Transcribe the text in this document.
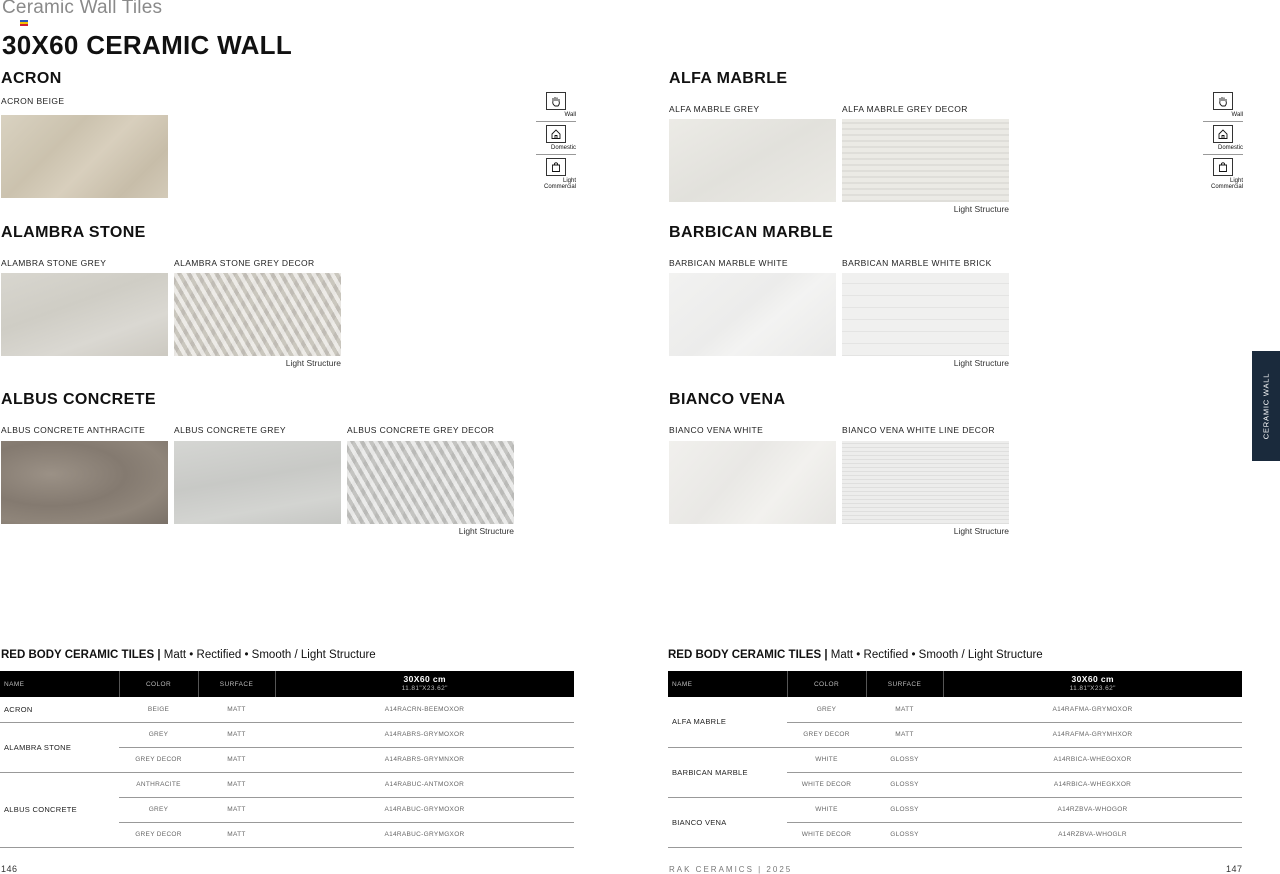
Ceramic Wall Tiles
30X60 CERAMIC WALL
ACRON
ACRON BEIGE
Wall
Domestic
Light
Commercial
ALAMBRA STONE
ALAMBRA STONE GREY	ALAMBRA STONE GREY DECOR
Light Structure
ALBUS CONCRETE
ALBUS CONCRETE ANTHRACITE	ALBUS CONCRETE GREY	ALBUS CONCRETE GREY DECOR
Light Structure
RED BODY CERAMIC TILES | Matt • Rectified • Smooth / Light Structure
NAME	COLOR	SURFACE	30X60 cm
11.81"X23.62"

ACRON	BEIGE	MATT	A14RACRN-BEEMOXOR
ALAMBRA STONE	GREY	MATT	A14RABRS-GRYMOXOR
	GREY DECOR	MATT	A14RABRS-GRYMNXOR
ALBUS CONCRETE	ANTHRACITE	MATT	A14RABUC-ANTMOXOR
	GREY	MATT	A14RABUC-GRYMOXOR
	GREY DECOR	MATT	A14RABUC-GRYMGXOR
146
ALFA MABRLE
ALFA MABRLE GREY	ALFA MABRLE GREY DECOR
Light Structure
Wall
Domestic
Light
Commercial
BARBICAN MARBLE
BARBICAN MARBLE WHITE	BARBICAN MARBLE WHITE BRICK
Light Structure
BIANCO VENA
BIANCO VENA WHITE	BIANCO VENA WHITE LINE DECOR
Light Structure
RED BODY CERAMIC TILES | Matt • Rectified • Smooth / Light Structure
NAME	COLOR	SURFACE	30X60 cm
11.81"X23.62"

ALFA MABRLE	GREY	MATT	A14RAFMA-GRYMOXOR
	GREY DECOR	MATT	A14RAFMA-GRYMHXOR
BARBICAN MARBLE	WHITE	GLOSSY	A14RBICA-WHEGOXOR
	WHITE DECOR	GLOSSY	A14RBICA-WHEGKXOR
BIANCO VENA	WHITE	GLOSSY	A14RZBVA-WHOGOR
	WHITE DECOR	GLOSSY	A14RZBVA-WHOGLR
CERAMIC WALL
RAK CERAMICS | 2025	147
